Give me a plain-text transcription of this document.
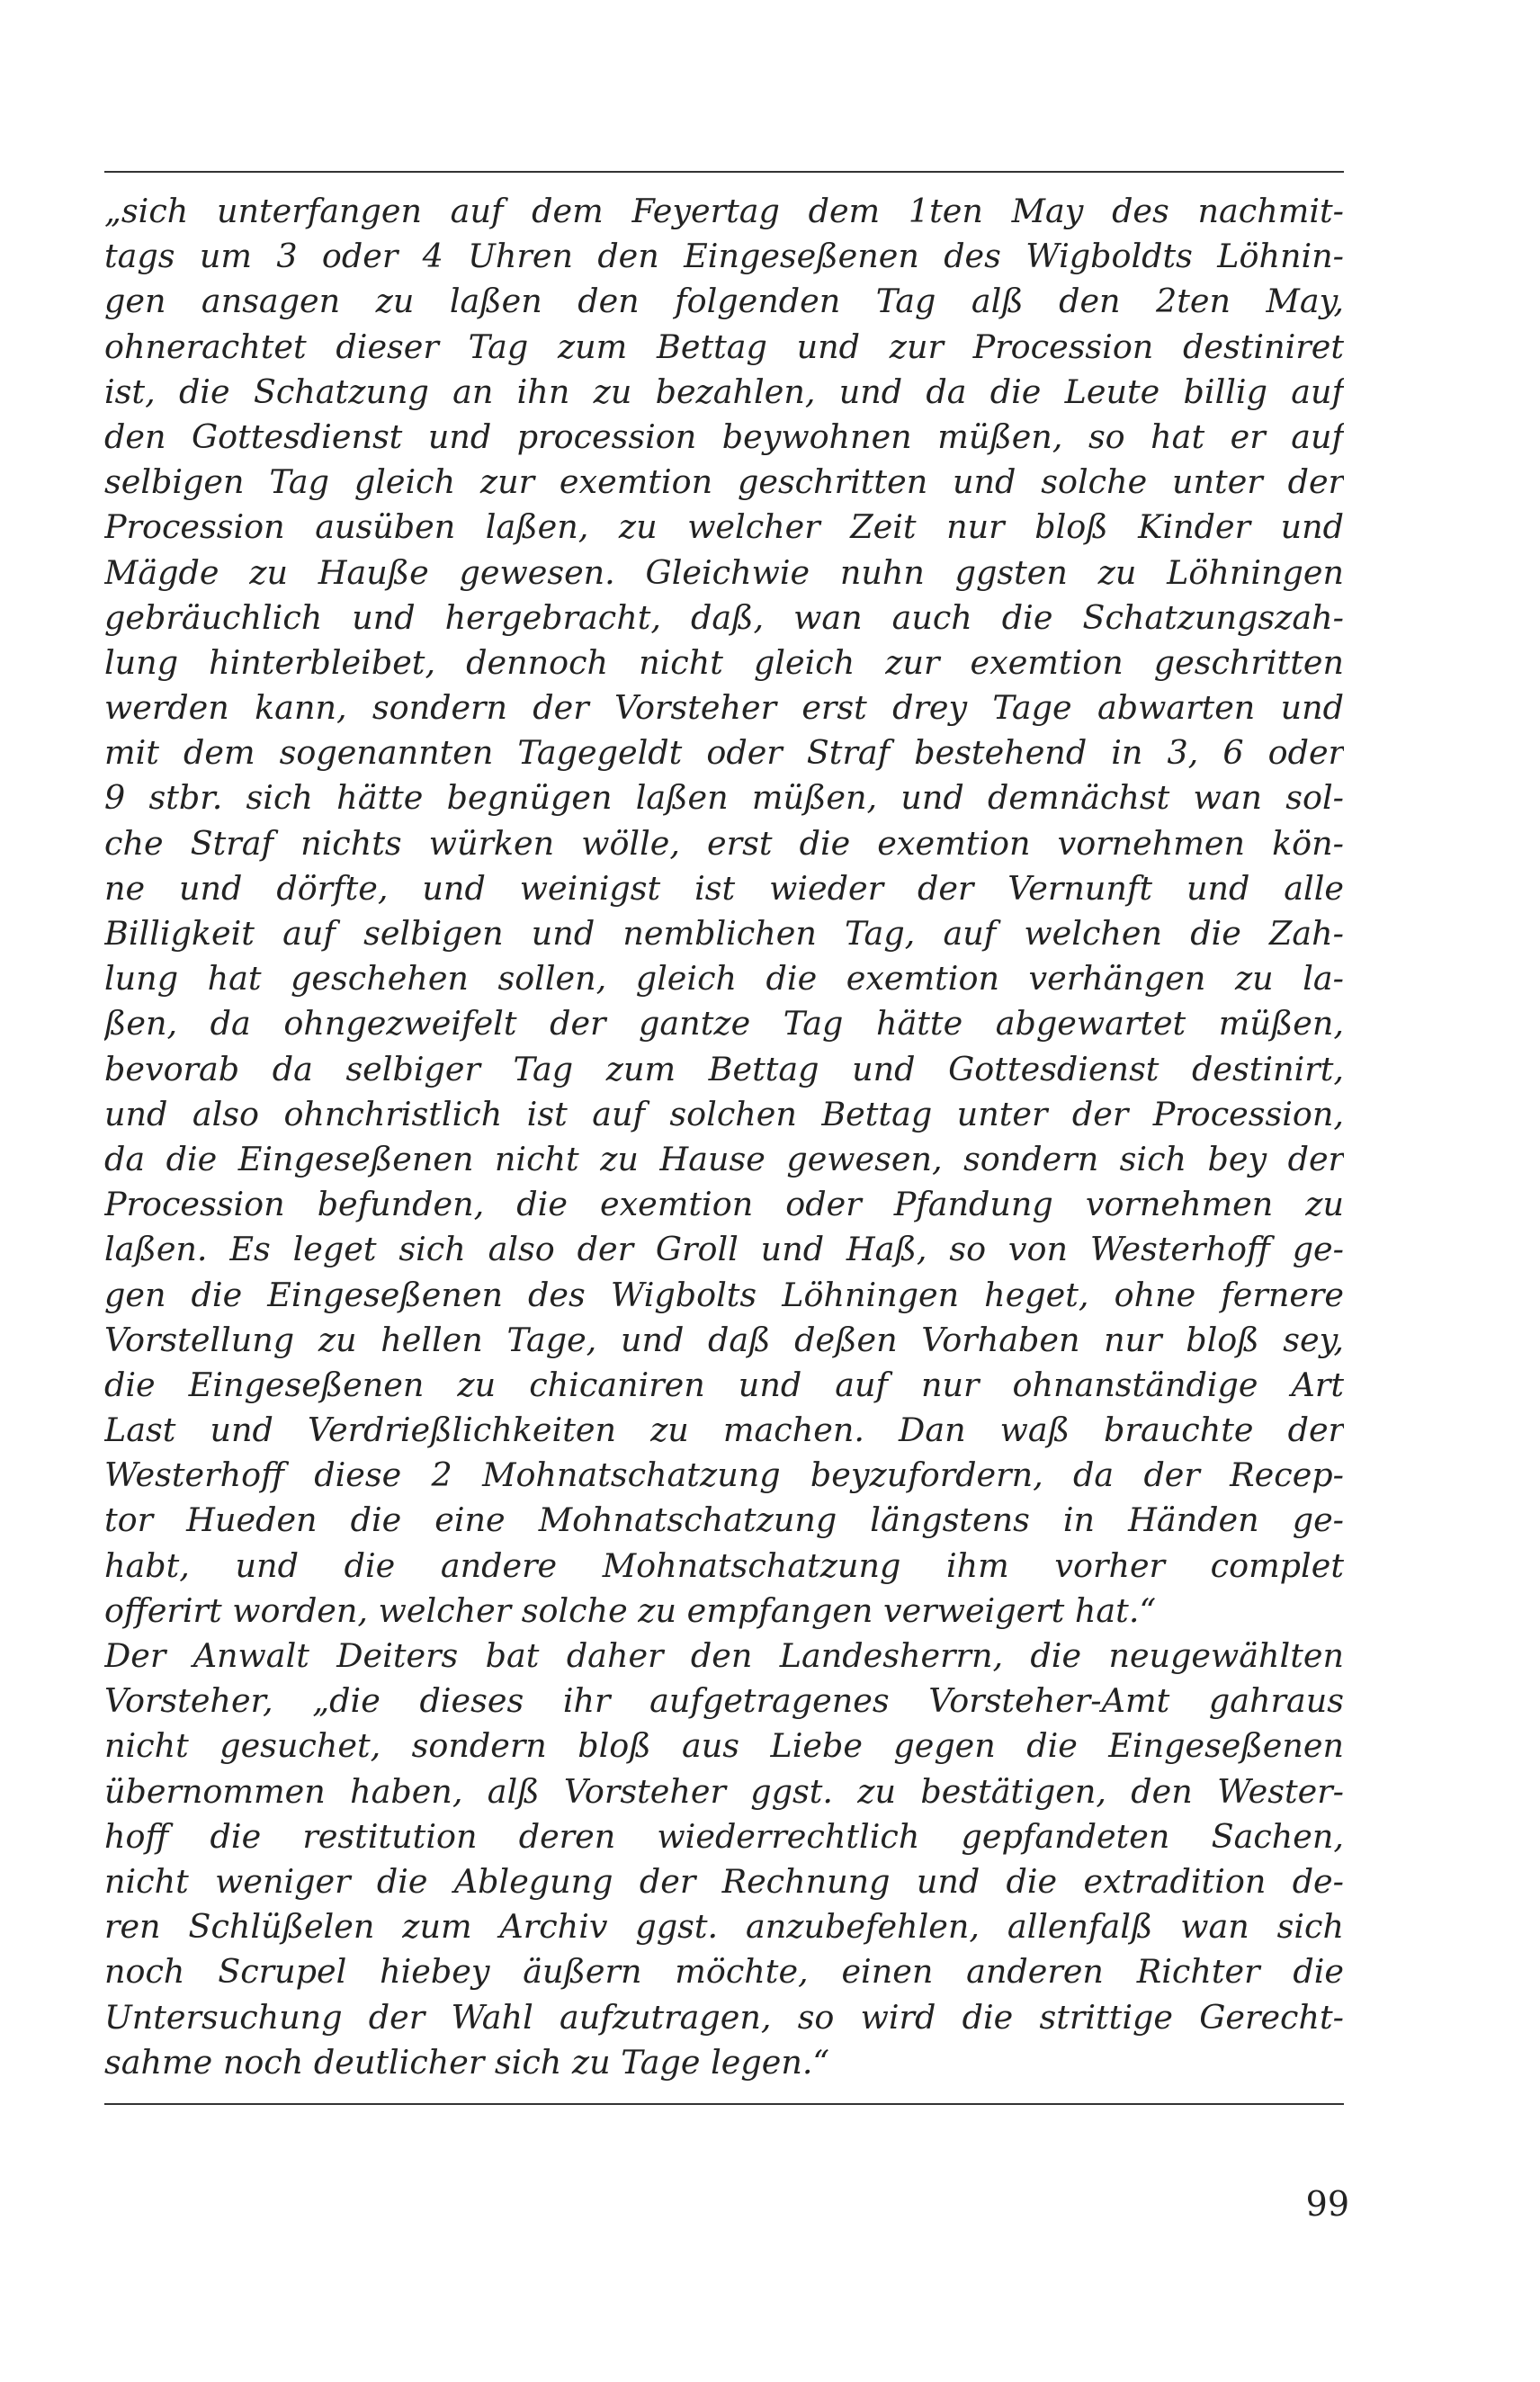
„sich unterfangen auf dem Feyertag dem 1ten May des nachmit-
tags um 3 oder 4 Uhren den Eingeseßenen des Wigboldts Löhnin-
gen ansagen zu laßen den folgenden Tag alß den 2ten May,
ohnerachtet dieser Tag zum Bettag und zur Procession destiniret
ist, die Schatzung an ihn zu bezahlen, und da die Leute billig auf
den Gottesdienst und procession beywohnen müßen, so hat er auf
selbigen Tag gleich zur exemtion geschritten und solche unter der
Procession ausüben laßen, zu welcher Zeit nur bloß Kinder und
Mägde zu Hauße gewesen. Gleichwie nuhn ggsten zu Löhningen
gebräuchlich und hergebracht, daß, wan auch die Schatzungszah-
lung hinterbleibet, dennoch nicht gleich zur exemtion geschritten
werden kann, sondern der Vorsteher erst drey Tage abwarten und
mit dem sogenannten Tagegeldt oder Straf bestehend in 3, 6 oder
9 stbr. sich hätte begnügen laßen müßen, und demnächst wan sol-
che Straf nichts würken wölle, erst die exemtion vornehmen kön-
ne und dörfte, und weinigst ist wieder der Vernunft und alle
Billigkeit auf selbigen und nemblichen Tag, auf welchen die Zah-
lung hat geschehen sollen, gleich die exemtion verhängen zu la-
ßen, da ohngezweifelt der gantze Tag hätte abgewartet müßen,
bevorab da selbiger Tag zum Bettag und Gottesdienst destinirt,
und also ohnchristlich ist auf solchen Bettag unter der Procession,
da die Eingeseßenen nicht zu Hause gewesen, sondern sich bey der
Procession befunden, die exemtion oder Pfandung vornehmen zu
laßen. Es leget sich also der Groll und Haß, so von Westerhoff ge-
gen die Eingeseßenen des Wigbolts Löhningen heget, ohne fernere
Vorstellung zu hellen Tage, und daß deßen Vorhaben nur bloß sey,
die Eingeseßenen zu chicaniren und auf nur ohnanständige Art
Last und Verdrießlichkeiten zu machen. Dan waß brauchte der
Westerhoff diese 2 Mohnatschatzung beyzufordern, da der Recep-
tor Hueden die eine Mohnatschatzung längstens in Händen ge-
habt, und die andere Mohnatschatzung ihm vorher complet
offerirt worden, welcher solche zu empfangen verweigert hat.“
Der Anwalt Deiters bat daher den Landesherrn, die neugewählten
Vorsteher, „die dieses ihr aufgetragenes Vorsteher-Amt gahraus
nicht gesuchet, sondern bloß aus Liebe gegen die Eingeseßenen
übernommen haben, alß Vorsteher ggst. zu bestätigen, den Wester-
hoff die restitution deren wiederrechtlich gepfandeten Sachen,
nicht weniger die Ablegung der Rechnung und die extradition de-
ren Schlüßelen zum Archiv ggst. anzubefehlen, allenfalß wan sich
noch Scrupel hiebey äußern möchte, einen anderen Richter die
Untersuchung der Wahl aufzutragen, so wird die strittige Gerecht-
sahme noch deutlicher sich zu Tage legen.“
99
